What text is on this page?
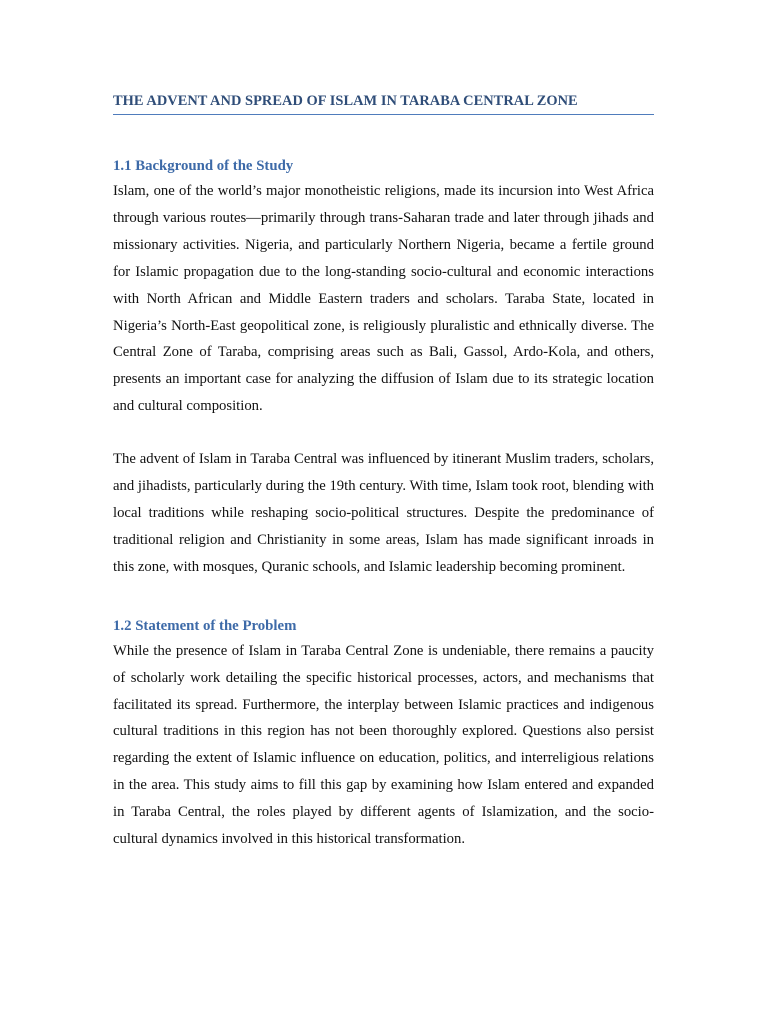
THE ADVENT AND SPREAD OF ISLAM IN TARABA CENTRAL ZONE
1.1 Background of the Study

Islam, one of the world’s major monotheistic religions, made its incursion into West Africa through various routes—primarily through trans-Saharan trade and later through jihads and missionary activities. Nigeria, and particularly Northern Nigeria, became a fertile ground for Islamic propagation due to the long-standing socio-cultural and economic interactions with North African and Middle Eastern traders and scholars. Taraba State, located in Nigeria’s North-East geopolitical zone, is religiously pluralistic and ethnically diverse. The Central Zone of Taraba, comprising areas such as Bali, Gassol, Ardo-Kola, and others, presents an important case for analyzing the diffusion of Islam due to its strategic location and cultural composition.

The advent of Islam in Taraba Central was influenced by itinerant Muslim traders, scholars, and jihadists, particularly during the 19th century. With time, Islam took root, blending with local traditions while reshaping socio-political structures. Despite the predominance of traditional religion and Christianity in some areas, Islam has made significant inroads in this zone, with mosques, Quranic schools, and Islamic leadership becoming prominent.

1.2 Statement of the Problem

While the presence of Islam in Taraba Central Zone is undeniable, there remains a paucity of scholarly work detailing the specific historical processes, actors, and mechanisms that facilitated its spread. Furthermore, the interplay between Islamic practices and indigenous cultural traditions in this region has not been thoroughly explored. Questions also persist regarding the extent of Islamic influence on education, politics, and interreligious relations in the area. This study aims to fill this gap by examining how Islam entered and expanded in Taraba Central, the roles played by different agents of Islamization, and the socio-cultural dynamics involved in this historical transformation.
